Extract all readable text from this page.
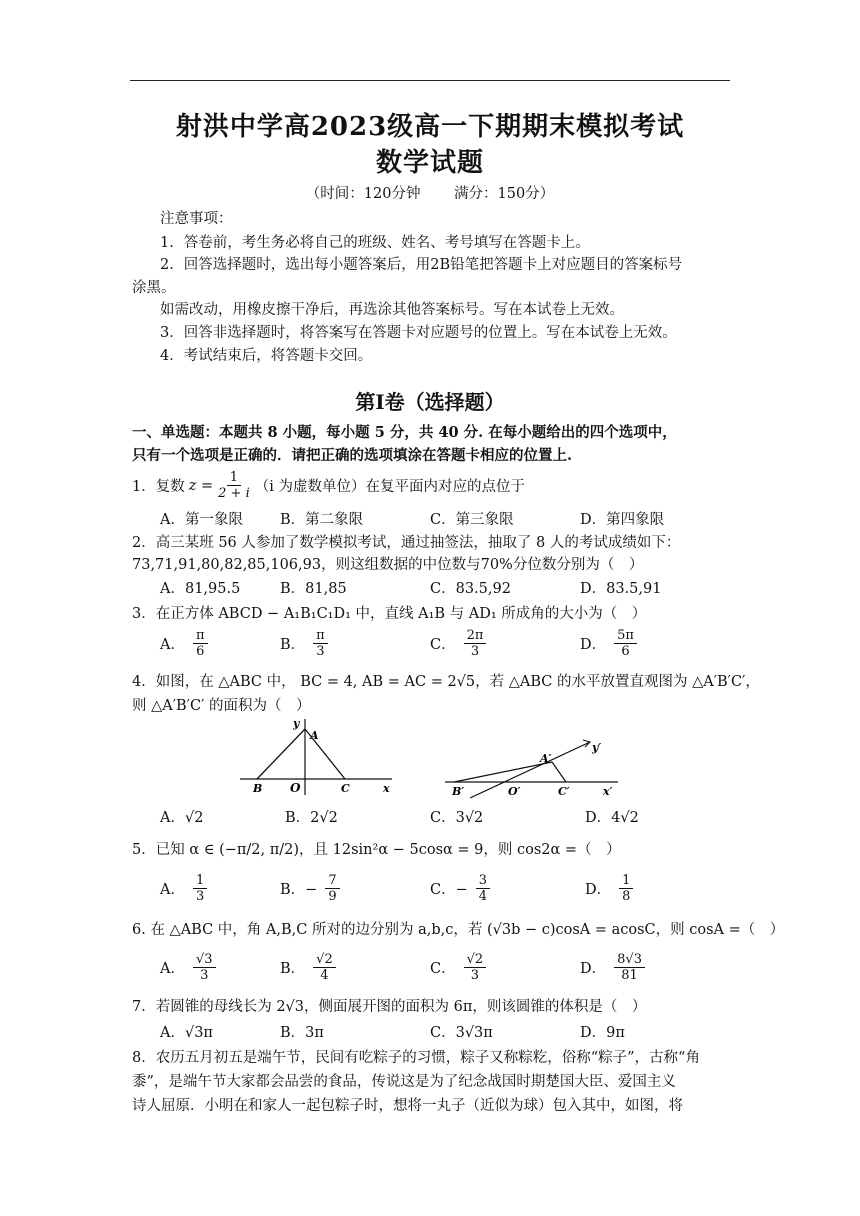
射洪中学高2023级高一下期期末模拟考试
数学试题
（时间：120分钟　　 满分：150分）
注意事项：
1．答卷前，考生务必将自己的班级、姓名、考号填写在答题卡上。
2．回答选择题时，选出每小题答案后，用2B铅笔把答题卡上对应题目的答案标号
涂黑。
如需改动，用橡皮擦干净后，再选涂其他答案标号。写在本试卷上无效。
3．回答非选择题时，将答案写在答题卡对应题号的位置上。写在本试卷上无效。
4．考试结束后，将答题卡交回。
第I卷（选择题）
一、单选题：本题共 8 小题，每小题 5 分，共 40 分. 在每小题给出的四个选项中，
只有一个选项是正确的．请把正确的选项填涂在答题卡相应的位置上.
1．复数 $z = \frac{1}{2 + i} (i$ 为虚数单位）在复平面内对应的点位于
A．第一象限	B．第二象限	C．第三象限	D．第四象限
2．高三某班 56 人参加了数学模拟考试，通过抽签法，抽取了 8 人的考试成绩如下：
73,71,91,80,82,85,106,93，则这组数据的中位数与70%分位数分别为（　）
A．81,95.5	B．81,85	C．83.5,92	D．83.5,91
3．在正方体 ABCD − A₁B₁C₁D₁ 中，直线 A₁B 与 AD₁ 所成角的大小为（　）
A． $\frac{\pi}{6}$	B． $\frac{\pi}{3}$	C． $\frac{2\pi}{3}$	D． $\frac{5\pi}{6}$
4．如图，在 △ABC 中， BC = 4, AB = AC = 2√5，若 △ABC 的水平放置直观图为 △A′B′C′，
则 △A′B′C′ 的面积为（　）
y
A
B O	C	x
y′
A′
B′	O′	C′	x′
A．√2	B．2√2	C．3√2	D．4√2
5．已知 α ∈ (−π/2, π/2)，且 12sin²α − 5cosα = 9，则 cos2α =（　）
A． $\frac{1}{3}$	B．− $\frac{7}{9}$	C．− $\frac{3}{4}$	D． $\frac{1}{8}$
6. 在 △ABC 中，角 A,B,C 所对的边分别为 a,b,c，若 (√3b − c)cosA = acosC，则 cosA =（　）
A． $\frac{√3}{3}$	B． $\frac{√2}{4}$	C． $\frac{√2}{3}$	D． $\frac{8√3}{81}$
7．若圆锥的母线长为 2√3，侧面展开图的面积为 6π，则该圆锥的体积是（　）
A．√3π	B．3π	C．3√3π	D．9π
8．农历五月初五是端午节，民间有吃粽子的习惯，粽子又称粽籺，俗称“粽子”，古称“角
黍”，是端午节大家都会品尝的食品，传说这是为了纪念战国时期楚国大臣、爱国主义
诗人屈原．小明在和家人一起包粽子时，想将一丸子（近似为球）包入其中，如图，将
